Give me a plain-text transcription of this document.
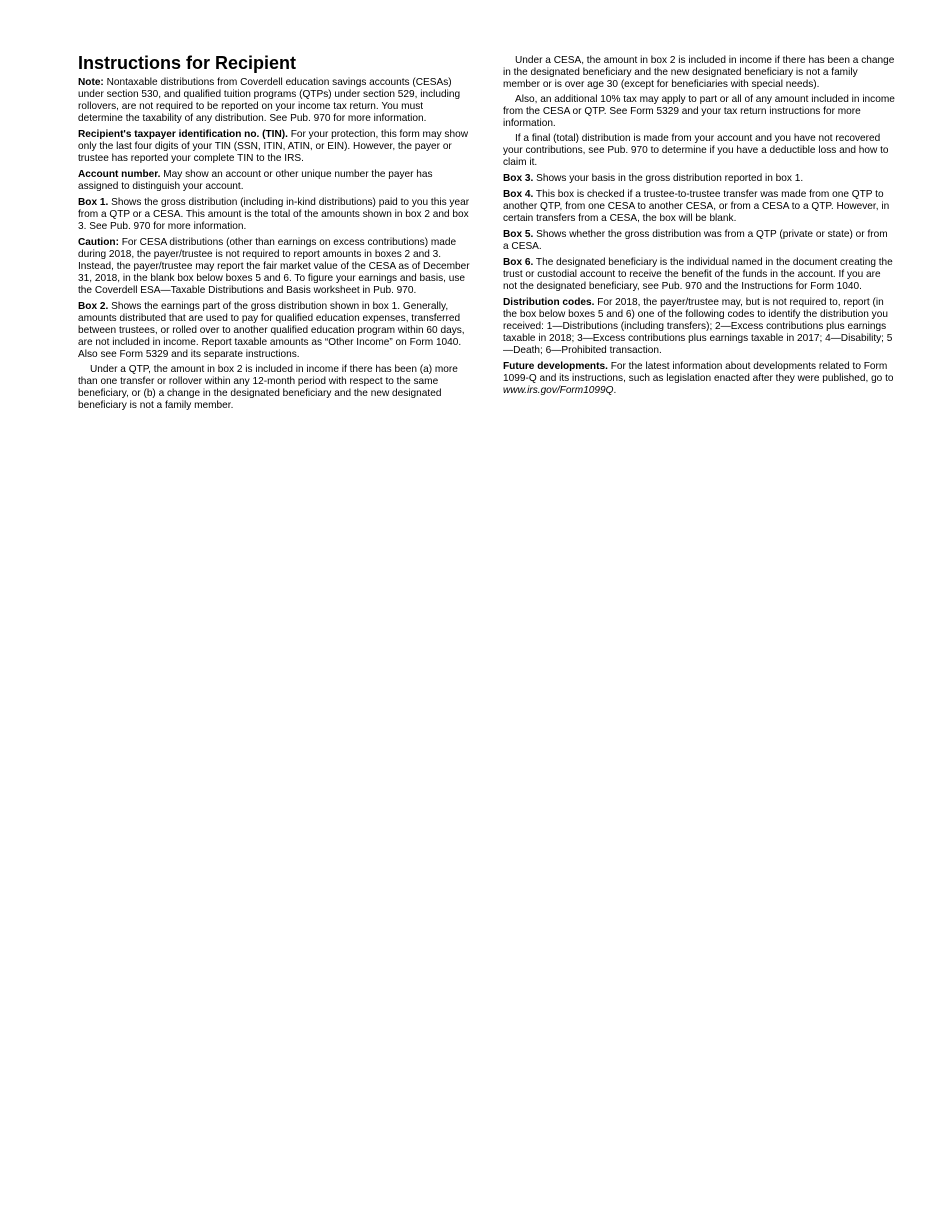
Instructions for Recipient

Note: Nontaxable distributions from Coverdell education savings accounts (CESAs) under section 530, and qualified tuition programs (QTPs) under section 529, including rollovers, are not required to be reported on your income tax return. You must determine the taxability of any distribution. See Pub. 970 for more information.

Recipient's taxpayer identification no. (TIN). For your protection, this form may show only the last four digits of your TIN (SSN, ITIN, ATIN, or EIN). However, the payer or trustee has reported your complete TIN to the IRS.

Account number. May show an account or other unique number the payer has assigned to distinguish your account.

Box 1. Shows the gross distribution (including in-kind distributions) paid to you this year from a QTP or a CESA. This amount is the total of the amounts shown in box 2 and box 3. See Pub. 970 for more information.

Caution: For CESA distributions (other than earnings on excess contributions) made during 2018, the payer/trustee is not required to report amounts in boxes 2 and 3. Instead, the payer/trustee may report the fair market value of the CESA as of December 31, 2018, in the blank box below boxes 5 and 6. To figure your earnings and basis, use the Coverdell ESA—Taxable Distributions and Basis worksheet in Pub. 970.

Box 2. Shows the earnings part of the gross distribution shown in box 1. Generally, amounts distributed that are used to pay for qualified education expenses, transferred between trustees, or rolled over to another qualified education program within 60 days, are not included in income. Report taxable amounts as “Other Income” on Form 1040. Also see Form 5329 and its separate instructions.

Under a QTP, the amount in box 2 is included in income if there has been (a) more than one transfer or rollover within any 12-month period with respect to the same beneficiary, or (b) a change in the designated beneficiary and the new designated beneficiary is not a family member.

Under a CESA, the amount in box 2 is included in income if there has been a change in the designated beneficiary and the new designated beneficiary is not a family member or is over age 30 (except for beneficiaries with special needs).

Also, an additional 10% tax may apply to part or all of any amount included in income from the CESA or QTP. See Form 5329 and your tax return instructions for more information.

If a final (total) distribution is made from your account and you have not recovered your contributions, see Pub. 970 to determine if you have a deductible loss and how to claim it.

Box 3. Shows your basis in the gross distribution reported in box 1.

Box 4. This box is checked if a trustee-to-trustee transfer was made from one QTP to another QTP, from one CESA to another CESA, or from a CESA to a QTP. However, in certain transfers from a CESA, the box will be blank.

Box 5. Shows whether the gross distribution was from a QTP (private or state) or from a CESA.

Box 6. The designated beneficiary is the individual named in the document creating the trust or custodial account to receive the benefit of the funds in the account. If you are not the designated beneficiary, see Pub. 970 and the Instructions for Form 1040.

Distribution codes. For 2018, the payer/trustee may, but is not required to, report (in the box below boxes 5 and 6) one of the following codes to identify the distribution you received: 1—Distributions (including transfers); 2—Excess contributions plus earnings taxable in 2018; 3—Excess contributions plus earnings taxable in 2017; 4—Disability; 5—Death; 6—Prohibited transaction.

Future developments. For the latest information about developments related to Form 1099-Q and its instructions, such as legislation enacted after they were published, go to www.irs.gov/Form1099Q.
